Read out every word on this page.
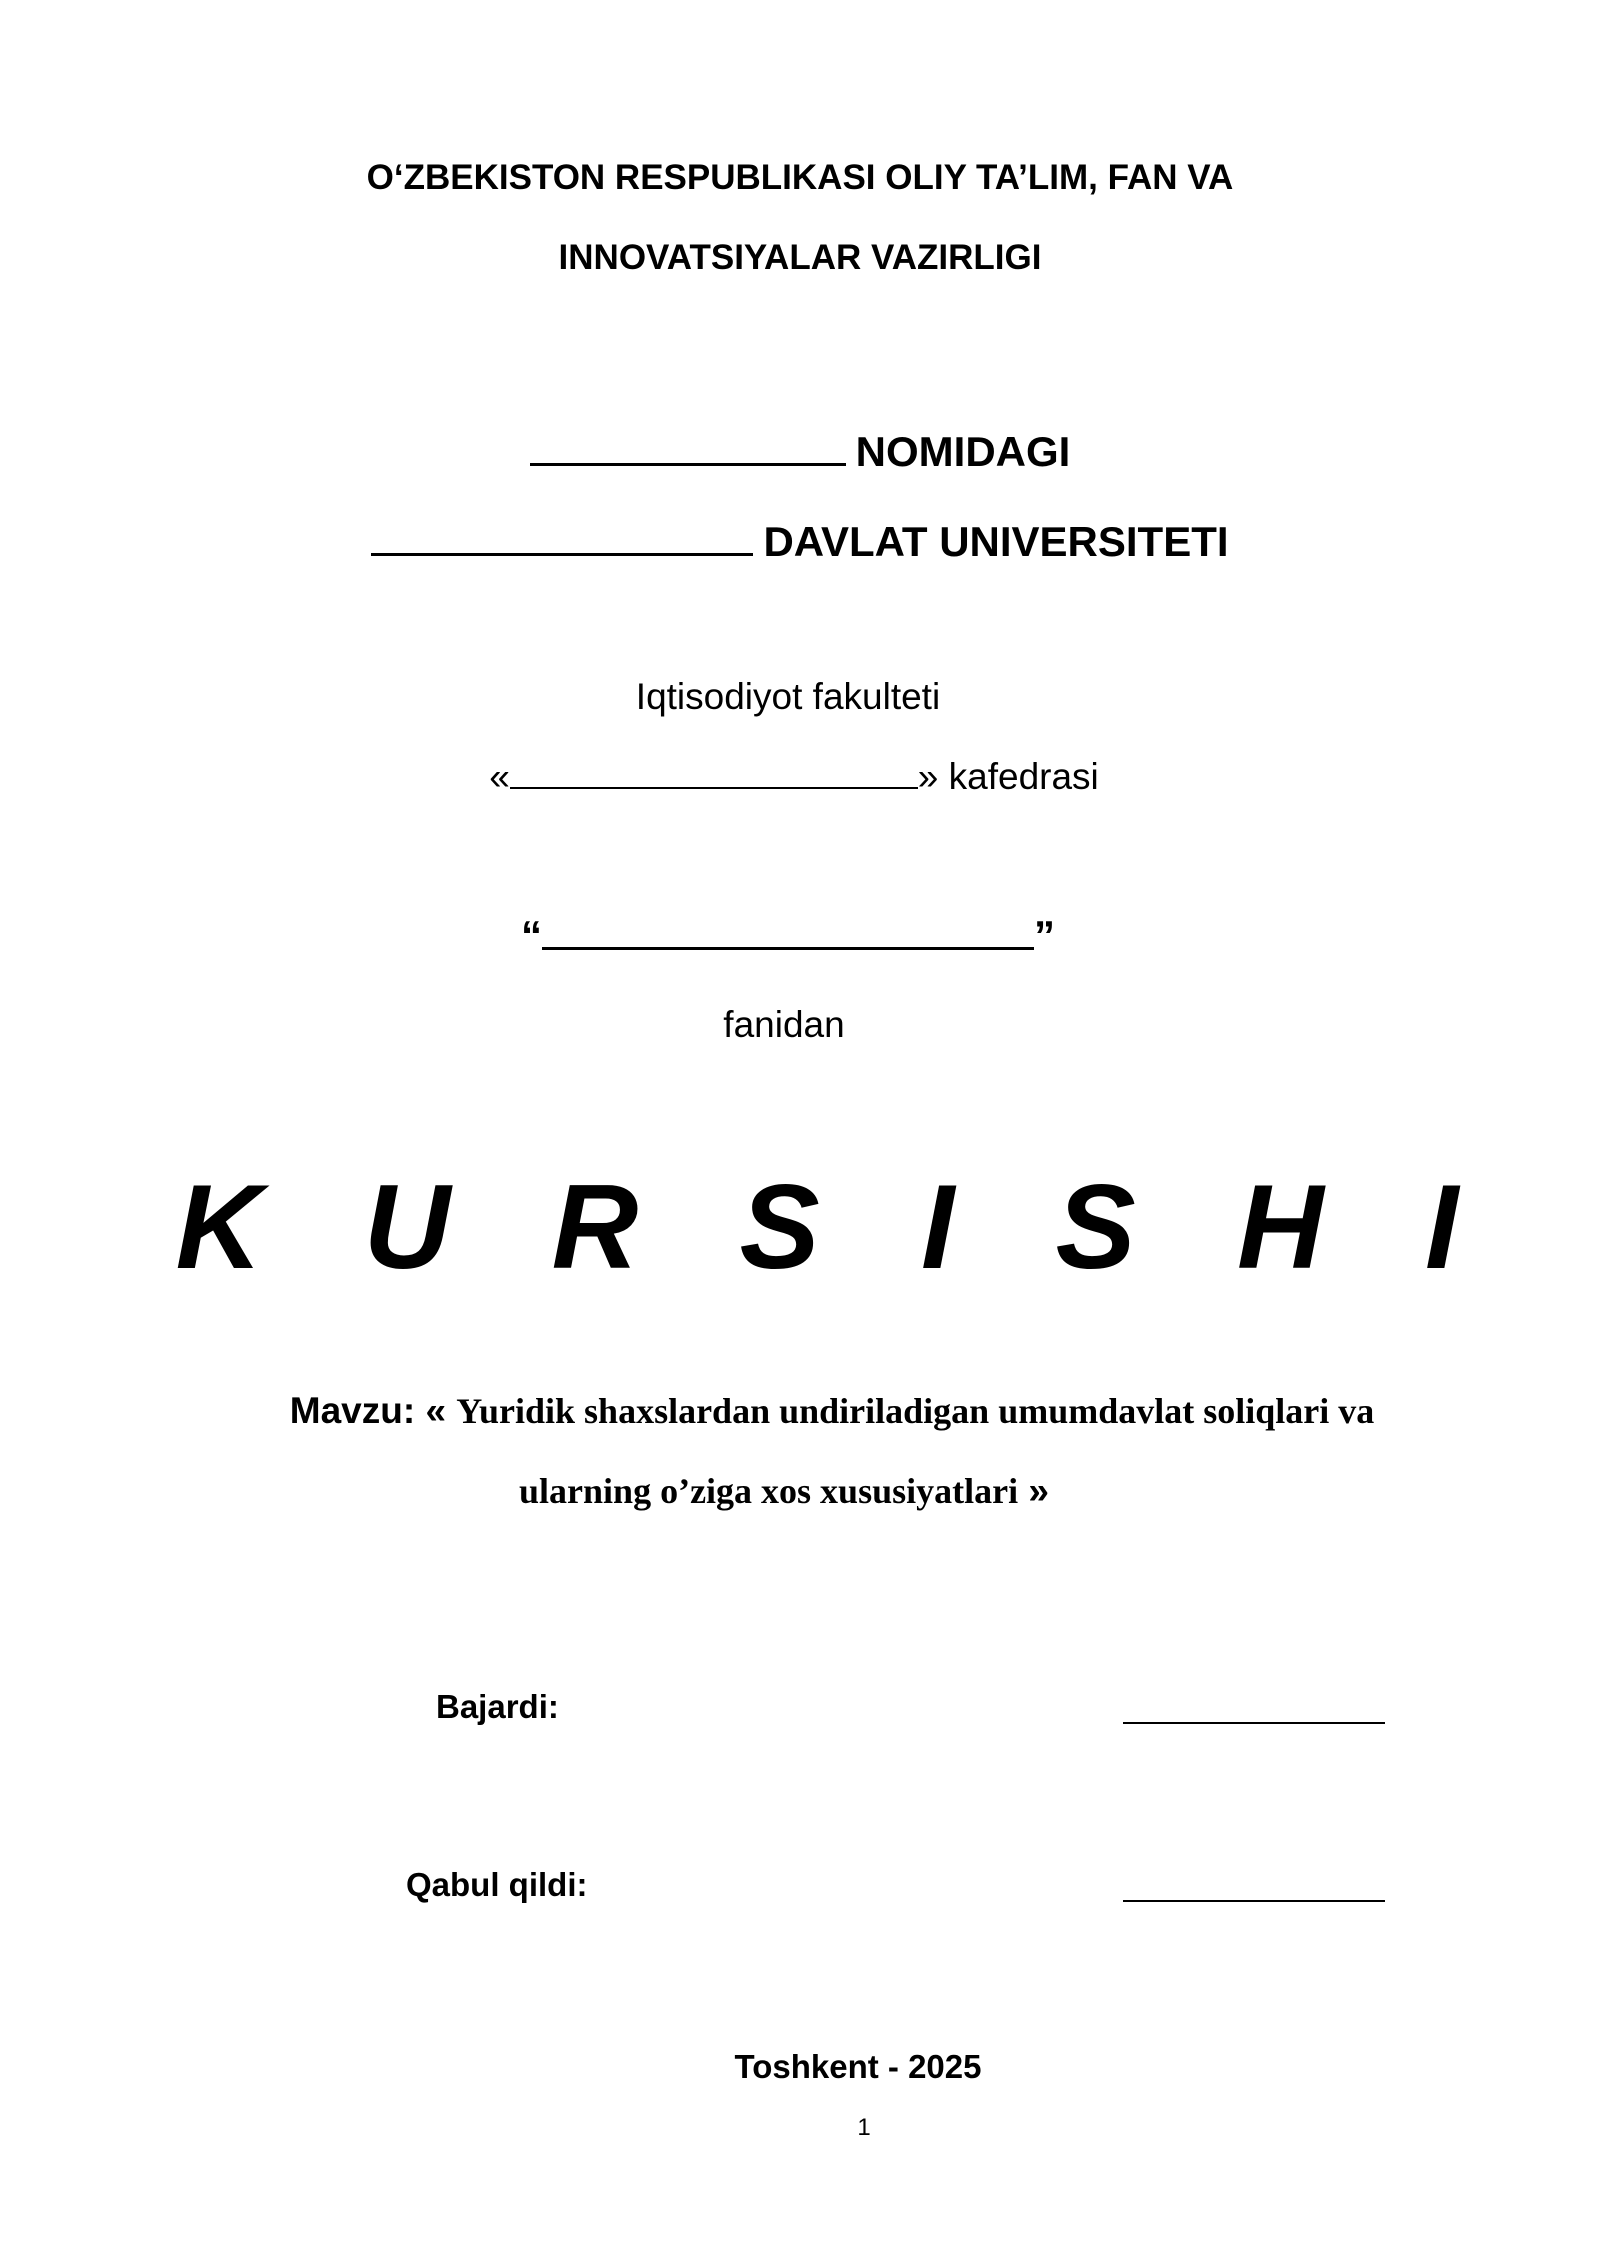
O‘ZBEKISTON RESPUBLIKASI OLIY TA’LIM, FAN VA
INNOVATSIYALAR VAZIRLIGI
NOMIDAGI
DAVLAT UNIVERSITETI
Iqtisodiyot fakulteti
«	» kafedrasi
“	”
fanidan
K U R S I S H I
Mavzu: « Yuridik shaxslardan undiriladigan umumdavlat soliqlari va
ularning o’ziga xos xususiyatlari »
Bajardi:
Qabul qildi:
Toshkent - 2025
1
